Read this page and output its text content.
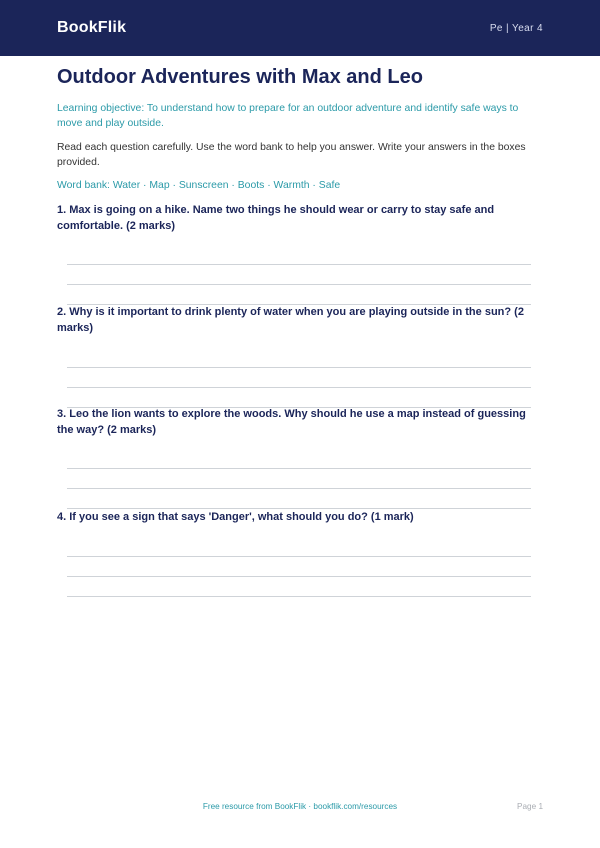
BookFlik	Pe | Year 4
Outdoor Adventures with Max and Leo
Learning objective: To understand how to prepare for an outdoor adventure and identify safe ways to move and play outside.
Read each question carefully. Use the word bank to help you answer. Write your answers in the boxes provided.
Word bank: Water · Map · Sunscreen · Boots · Warmth · Safe
1. Max is going on a hike. Name two things he should wear or carry to stay safe and comfortable. (2 marks)
2. Why is it important to drink plenty of water when you are playing outside in the sun? (2 marks)
3. Leo the lion wants to explore the woods. Why should he use a map instead of guessing the way? (2 marks)
4. If you see a sign that says 'Danger', what should you do? (1 mark)
Free resource from BookFlik · bookflik.com/resources	Page 1
